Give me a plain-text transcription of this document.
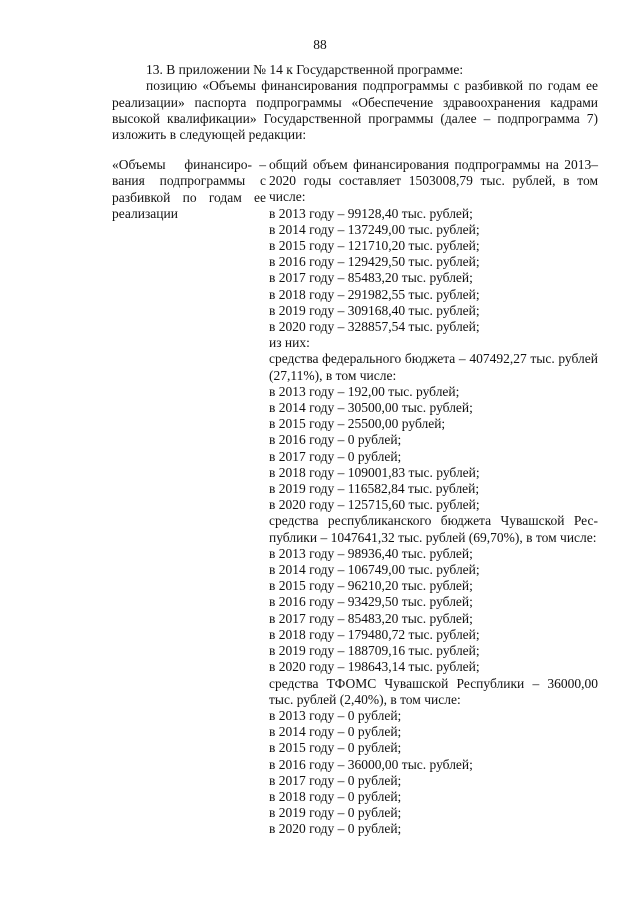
88

13. В приложении № 14 к Государственной программе:

позицию «Объемы финансирования подпрограммы с разбивкой по годам ее реализации» паспорта подпрограммы «Обеспечение здравоохранения кадрами высокой квалификации» Государственной программы (далее – подпрограмма 7) изложить в следующей редакции:

«Объемы финансиро- –
вания подпрограммы с
разбивкой по годам ее
реализации
общий объем финансирования подпрограммы на 2013–2020 годы составляет 1503008,79 тыс. рублей, в том числе:
в 2013 году – 99128,40 тыс. рублей;
в 2014 году – 137249,00 тыс. рублей;
в 2015 году – 121710,20 тыс. рублей;
в 2016 году – 129429,50 тыс. рублей;
в 2017 году – 85483,20 тыс. рублей;
в 2018 году – 291982,55 тыс. рублей;
в 2019 году – 309168,40 тыс. рублей;
в 2020 году – 328857,54 тыс. рублей;
из них:
средства федерального бюджета – 407492,27 тыс. рублей (27,11%), в том числе:
в 2013 году – 192,00 тыс. рублей;
в 2014 году – 30500,00 тыс. рублей;
в 2015 году – 25500,00 рублей;
в 2016 году – 0 рублей;
в 2017 году – 0 рублей;
в 2018 году – 109001,83 тыс. рублей;
в 2019 году – 116582,84 тыс. рублей;
в 2020 году – 125715,60 тыс. рублей;
средства республиканского бюджета Чувашской Республики – 1047641,32 тыс. рублей (69,70%), в том числе:
в 2013 году – 98936,40 тыс. рублей;
в 2014 году – 106749,00 тыс. рублей;
в 2015 году – 96210,20 тыс. рублей;
в 2016 году – 93429,50 тыс. рублей;
в 2017 году – 85483,20 тыс. рублей;
в 2018 году – 179480,72 тыс. рублей;
в 2019 году – 188709,16 тыс. рублей;
в 2020 году – 198643,14 тыс. рублей;
средства ТФОМС Чувашской Республики – 36000,00 тыс. рублей (2,40%), в том числе:
в 2013 году – 0 рублей;
в 2014 году – 0 рублей;
в 2015 году – 0 рублей;
в 2016 году – 36000,00 тыс. рублей;
в 2017 году – 0 рублей;
в 2018 году – 0 рублей;
в 2019 году – 0 рублей;
в 2020 году – 0 рублей;
